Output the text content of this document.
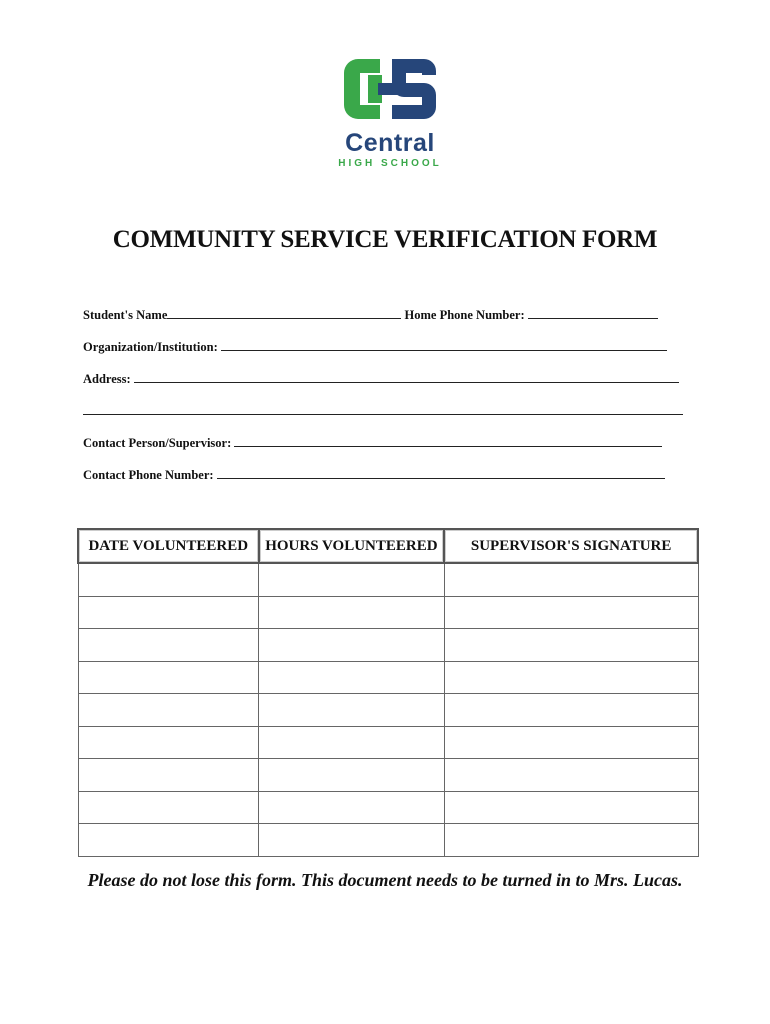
Central
HIGH SCHOOL
COMMUNITY SERVICE VERIFICATION FORM
Student's Name	Home Phone Number:
Organization/Institution:
Address:
Contact Person/Supervisor:
Contact Phone Number:
DATE VOLUNTEERED	HOURS VOLUNTEERED	SUPERVISOR'S SIGNATURE

Please do not lose this form. This document needs to be turned in to Mrs. Lucas.
